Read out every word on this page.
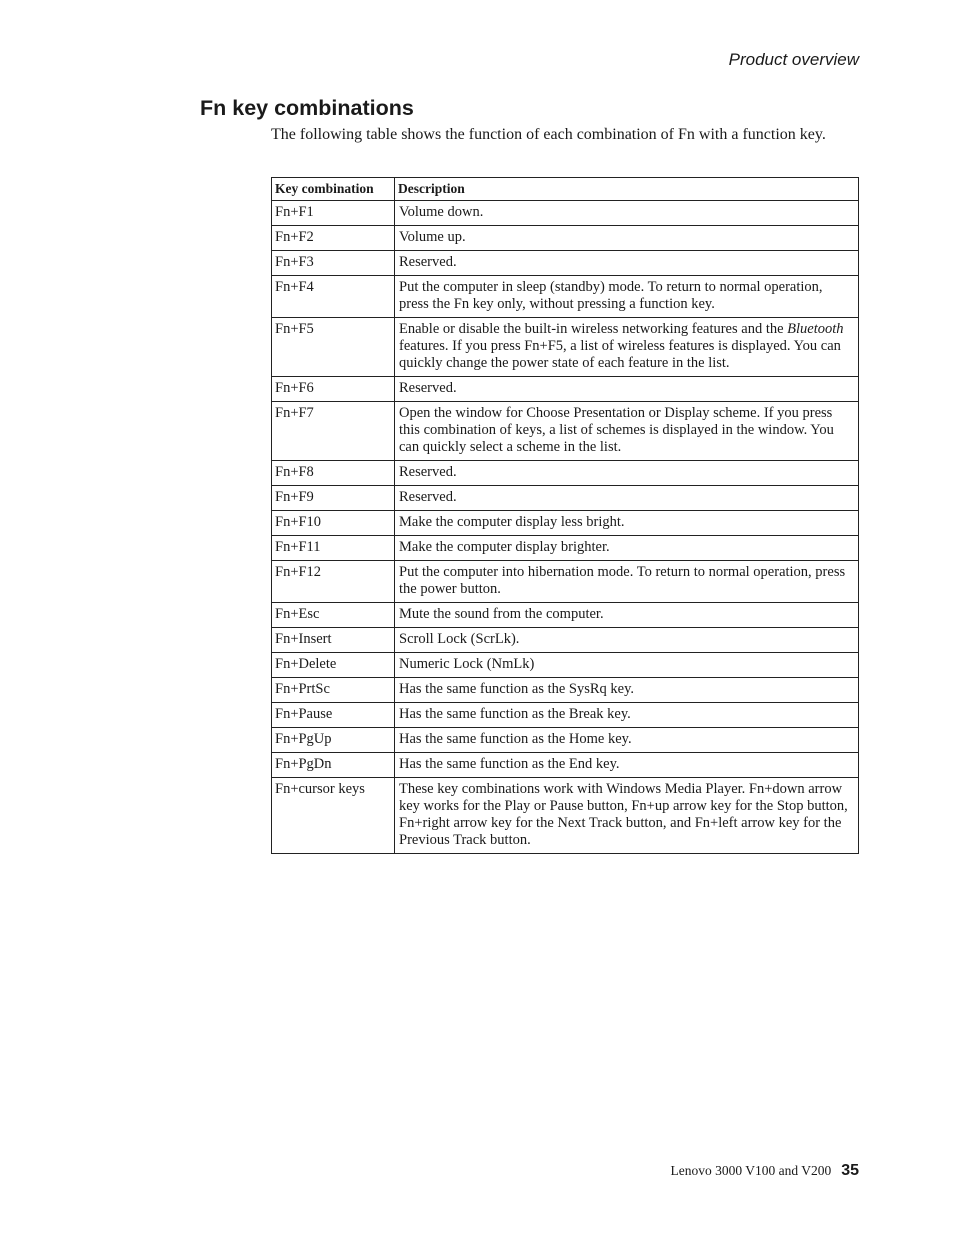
Product overview
Fn key combinations

The following table shows the function of each combination of Fn with a function key.

Key combination	Description
Fn+F1	Volume down.
Fn+F2	Volume up.
Fn+F3	Reserved.
Fn+F4	Put the computer in sleep (standby) mode. To return to normal operation, press the Fn key only, without pressing a function key.
Fn+F5	Enable or disable the built-in wireless networking features and the Bluetooth features. If you press Fn+F5, a list of wireless features is displayed. You can quickly change the power state of each feature in the list.
Fn+F6	Reserved.
Fn+F7	Open the window for Choose Presentation or Display scheme. If you press this combination of keys, a list of schemes is displayed in the window. You can quickly select a scheme in the list.
Fn+F8	Reserved.
Fn+F9	Reserved.
Fn+F10	Make the computer display less bright.
Fn+F11	Make the computer display brighter.
Fn+F12	Put the computer into hibernation mode. To return to normal operation, press the power button.
Fn+Esc	Mute the sound from the computer.
Fn+Insert	Scroll Lock (ScrLk).
Fn+Delete	Numeric Lock (NmLk)
Fn+PrtSc	Has the same function as the SysRq key.
Fn+Pause	Has the same function as the Break key.
Fn+PgUp	Has the same function as the Home key.
Fn+PgDn	Has the same function as the End key.
Fn+cursor keys	These key combinations work with Windows Media Player. Fn+down arrow key works for the Play or Pause button, Fn+up arrow key for the Stop button, Fn+right arrow key for the Next Track button, and Fn+left arrow key for the Previous Track button.
Lenovo 3000 V100 and V200 35
